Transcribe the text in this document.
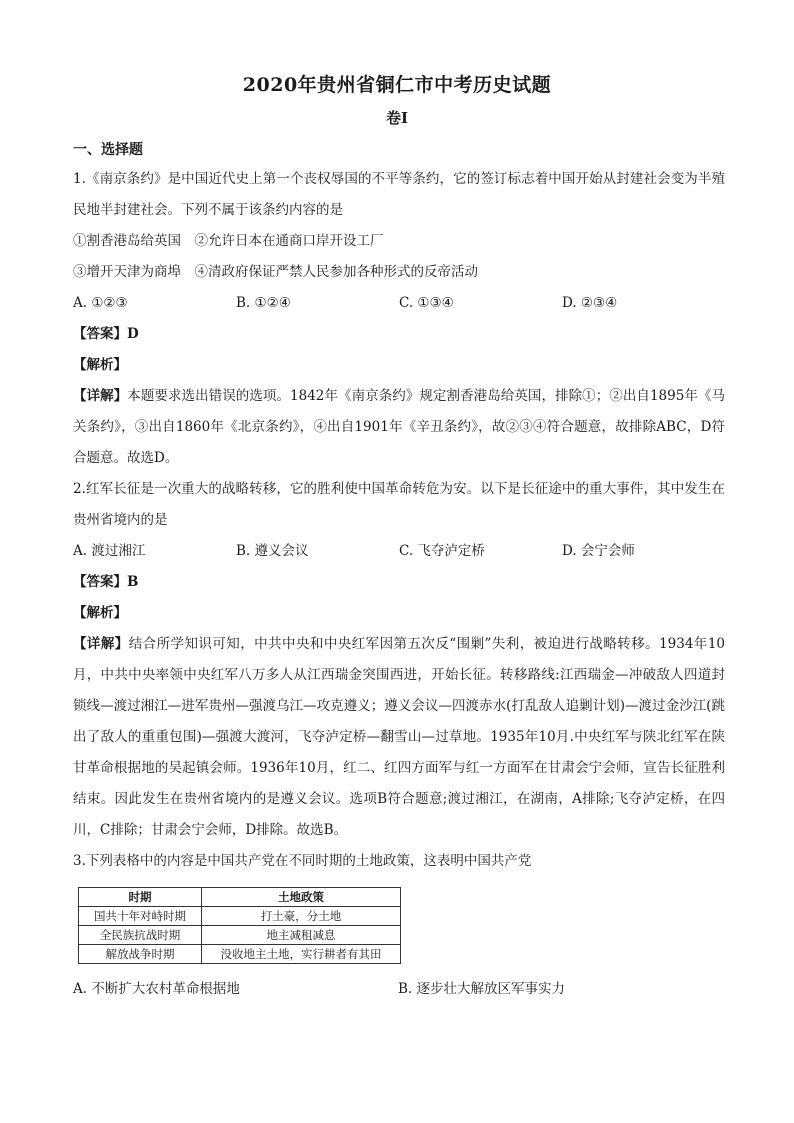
2020年贵州省铜仁市中考历史试题
卷Ⅰ
一、选择题
1.《南京条约》是中国近代史上第一个丧权辱国的不平等条约，它的签订标志着中国开始从封建社会变为半殖民地半封建社会。下列不属于该条约内容的是
①割香港岛给英国　②允许日本在通商口岸开设工厂
③增开天津为商埠　④清政府保证严禁人民参加各种形式的反帝活动
A. ①②③	B. ①②④	C. ①③④	D. ②③④
【答案】D
【解析】
【详解】本题要求选出错误的选项。1842年《南京条约》规定割香港岛给英国，排除①；②出自1895年《马关条约》，③出自1860年《北京条约》，④出自1901年《辛丑条约》，故②③④符合题意，故排除ABC，D符合题意。故选D。
2.红军长征是一次重大的战略转移，它的胜利使中国革命转危为安。以下是长征途中的重大事件，其中发生在贵州省境内的是
A. 渡过湘江	B. 遵义会议	C. 飞夺泸定桥	D. 会宁会师
【答案】B
【解析】
【详解】结合所学知识可知，中共中央和中央红军因第五次反“围剿”失利，被迫进行战略转移。1934年10月，中共中央率领中央红军八万多人从江西瑞金突围西进，开始长征。转移路线:江西瑞金—冲破敌人四道封锁线—渡过湘江—进军贵州—强渡乌江—攻克遵义；遵义会议—四渡赤水(打乱敌人追剿计划)—渡过金沙江(跳出了敌人的重重包围)—强渡大渡河，飞夺泸定桥—翻雪山—过草地。1935年10月.中央红军与陕北红军在陕甘革命根据地的吴起镇会师。1936年10月，红二、红四方面军与红一方面军在甘肃会宁会师，宣告长征胜利结束。因此发生在贵州省境内的是遵义会议。选项B符合题意;渡过湘江，在湖南，A排除;飞夺泸定桥，在四川，C排除；甘肃会宁会师，D排除。故选B。
3.下列表格中的内容是中国共产党在不同时期的土地政策，这表明中国共产党
时期	土地政策
国共十年对峙时期	打土豪，分土地
全民族抗战时期	地主减租减息
解放战争时期	没收地主土地，实行耕者有其田
A. 不断扩大农村革命根据地	B. 逐步壮大解放区军事实力
